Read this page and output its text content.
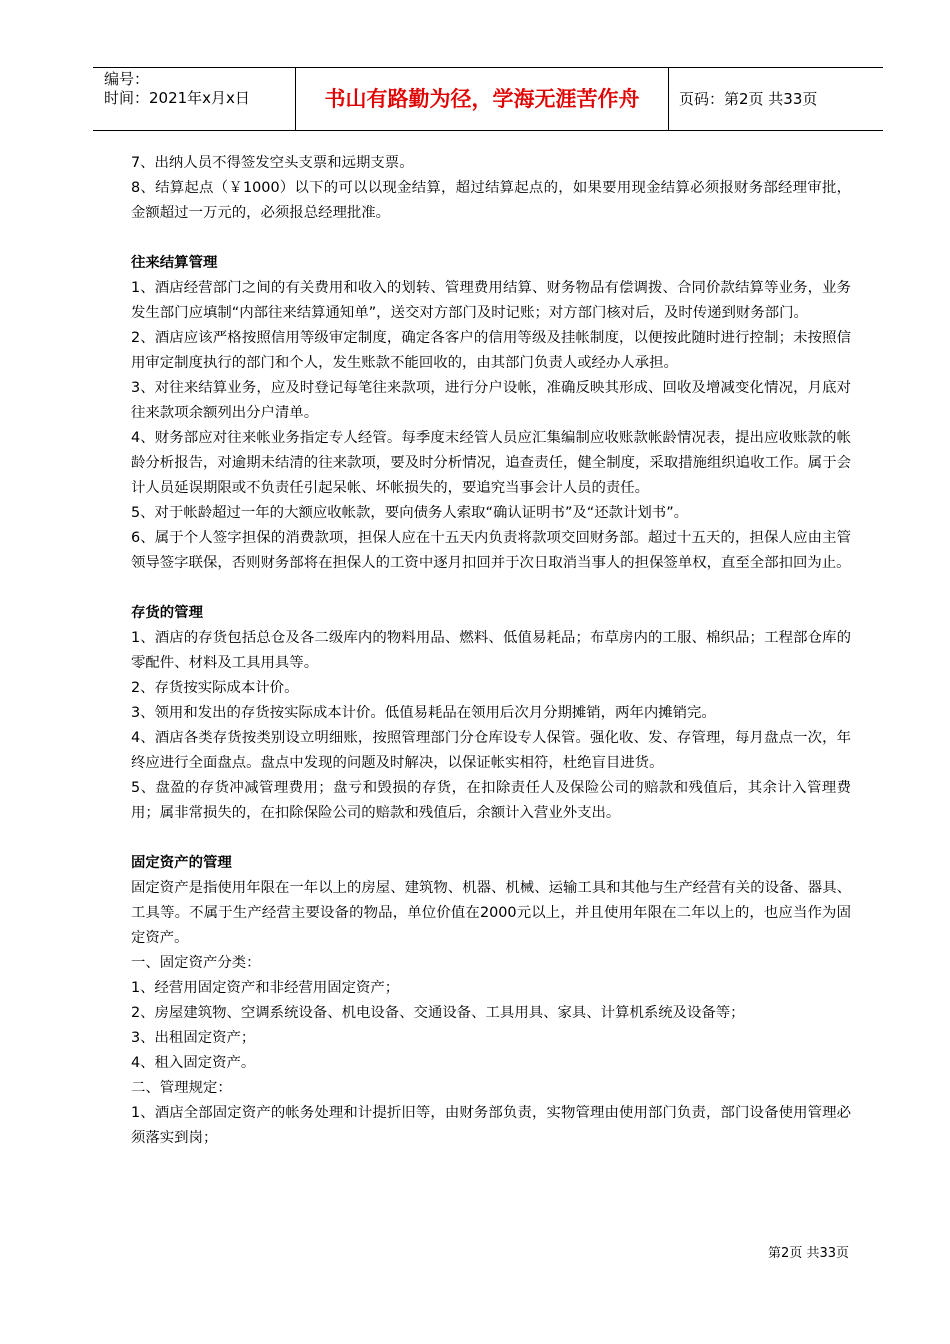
编号：
时间：2021年x月x日	书山有路勤为径，学海无涯苦作舟	页码：第2页 共33页

7、出纳人员不得签发空头支票和远期支票。

8、结算起点（￥1000）以下的可以以现金结算，超过结算起点的，如果要用现金结算必须报财务部经理审批，金额超过一万元的，必须报总经理批准。

往来结算管理

1、酒店经营部门之间的有关费用和收入的划转、管理费用结算、财务物品有偿调拨、合同价款结算等业务，业务发生部门应填制“内部往来结算通知单”，送交对方部门及时记账；对方部门核对后，及时传递到财务部门。

2、酒店应该严格按照信用等级审定制度，确定各客户的信用等级及挂帐制度，以便按此随时进行控制；未按照信用审定制度执行的部门和个人，发生账款不能回收的，由其部门负责人或经办人承担。

3、对往来结算业务，应及时登记每笔往来款项，进行分户设帐，准确反映其形成、回收及增减变化情况，月底对往来款项余额列出分户清单。

4、财务部应对往来帐业务指定专人经管。每季度末经管人员应汇集编制应收账款帐龄情况表，提出应收账款的帐龄分析报告，对逾期未结清的往来款项，要及时分析情况，追查责任，健全制度，采取措施组织追收工作。属于会计人员延误期限或不负责任引起呆帐、坏帐损失的，要追究当事会计人员的责任。

5、对于帐龄超过一年的大额应收帐款，要向债务人索取“确认证明书”及“还款计划书”。

6、属于个人签字担保的消费款项，担保人应在十五天内负责将款项交回财务部。超过十五天的，担保人应由主管领导签字联保，否则财务部将在担保人的工资中逐月扣回并于次日取消当事人的担保签单权，直至全部扣回为止。

存货的管理

1、酒店的存货包括总仓及各二级库内的物料用品、燃料、低值易耗品；布草房内的工服、棉织品；工程部仓库的零配件、材料及工具用具等。

2、存货按实际成本计价。

3、领用和发出的存货按实际成本计价。低值易耗品在领用后次月分期摊销，两年内摊销完。

4、酒店各类存货按类别设立明细账，按照管理部门分仓库设专人保管。强化收、发、存管理，每月盘点一次，年终应进行全面盘点。盘点中发现的问题及时解决，以保证帐实相符，杜绝盲目进货。

5、盘盈的存货冲减管理费用；盘亏和毁损的存货，在扣除责任人及保险公司的赔款和残值后，其余计入管理费用；属非常损失的，在扣除保险公司的赔款和残值后，余额计入营业外支出。

固定资产的管理

固定资产是指使用年限在一年以上的房屋、建筑物、机器、机械、运输工具和其他与生产经营有关的设备、器具、工具等。不属于生产经营主要设备的物品，单位价值在2000元以上，并且使用年限在二年以上的，也应当作为固定资产。

一、固定资产分类：

1、经营用固定资产和非经营用固定资产；

2、房屋建筑物、空调系统设备、机电设备、交通设备、工具用具、家具、计算机系统及设备等；

3、出租固定资产；

4、租入固定资产。

二、管理规定：

1、酒店全部固定资产的帐务处理和计提折旧等，由财务部负责，实物管理由使用部门负责，部门设备使用管理必须落实到岗；

第2页 共33页
